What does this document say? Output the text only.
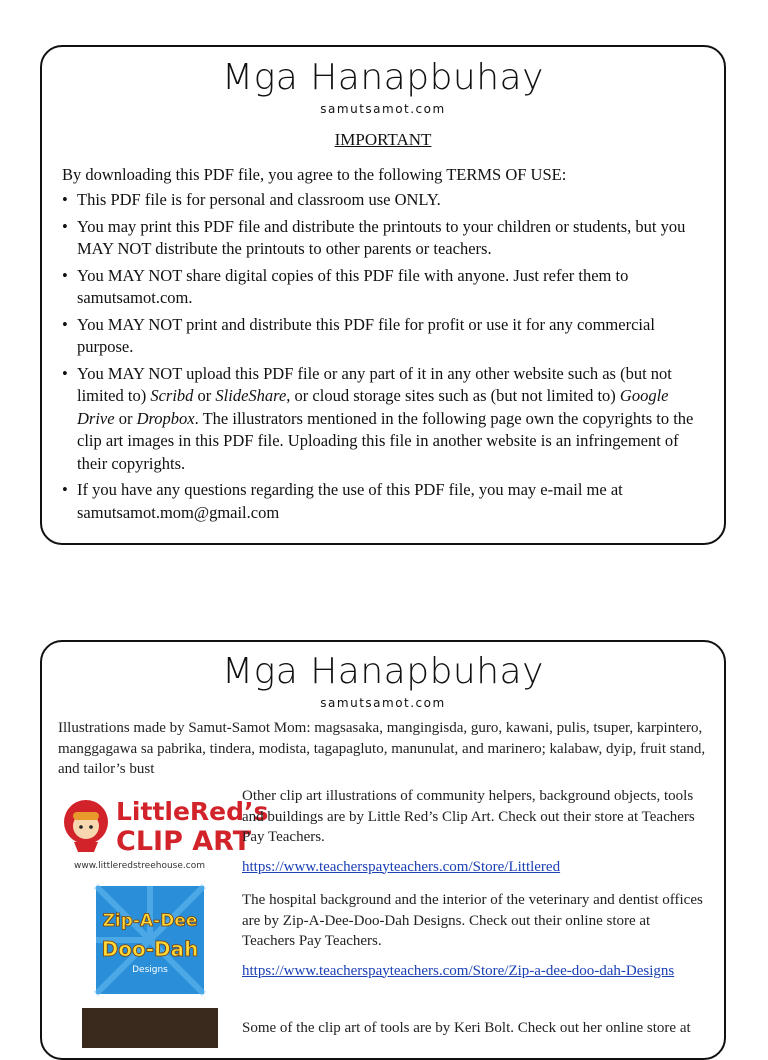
Mga Hanapbuhay
samutsamot.com
IMPORTANT
By downloading this PDF file, you agree to the following TERMS OF USE:
• This PDF file is for personal and classroom use ONLY.
• You may print this PDF file and distribute the printouts to your children or students, but you MAY NOT distribute the printouts to other parents or teachers.
• You MAY NOT share digital copies of this PDF file with anyone. Just refer them to samutsamot.com.
• You MAY NOT print and distribute this PDF file for profit or use it for any commercial purpose.
• You MAY NOT upload this PDF file or any part of it in any other website such as (but not limited to) Scribd or SlideShare, or cloud storage sites such as (but not limited to) Google Drive or Dropbox. The illustrators mentioned in the following page own the copyrights to the clip art images in this PDF file. Uploading this file in another website is an infringement of their copyrights.
• If you have any questions regarding the use of this PDF file, you may e-mail me at samutsamot.mom@gmail.com
Mga Hanapbuhay
samutsamot.com
Illustrations made by Samut-Samot Mom: magsasaka, mangingisda, guro, kawani, pulis, tsuper, karpintero, manggagawa sa pabrika, tindera, modista, tagapagluto, manunulat, and marinero; kalabaw, dyip, fruit stand, and tailor’s bust
LittleRed’s
CLIP ART
www.littleredstreehouse.com
Other clip art illustrations of community helpers, background objects, tools and buildings are by Little Red’s Clip Art. Check out their store at Teachers Pay Teachers.
https://www.teacherspayteachers.com/Store/Littlered
Zip-A-Dee
Doo-Dah
Designs
The hospital background and the interior of the veterinary and dentist offices are by Zip-A-Dee-Doo-Dah Designs. Check out their online store at Teachers Pay Teachers.
https://www.teacherspayteachers.com/Store/Zip-a-dee-doo-dah-Designs
Some of the clip art of tools are by Keri Bolt. Check out her online store at
